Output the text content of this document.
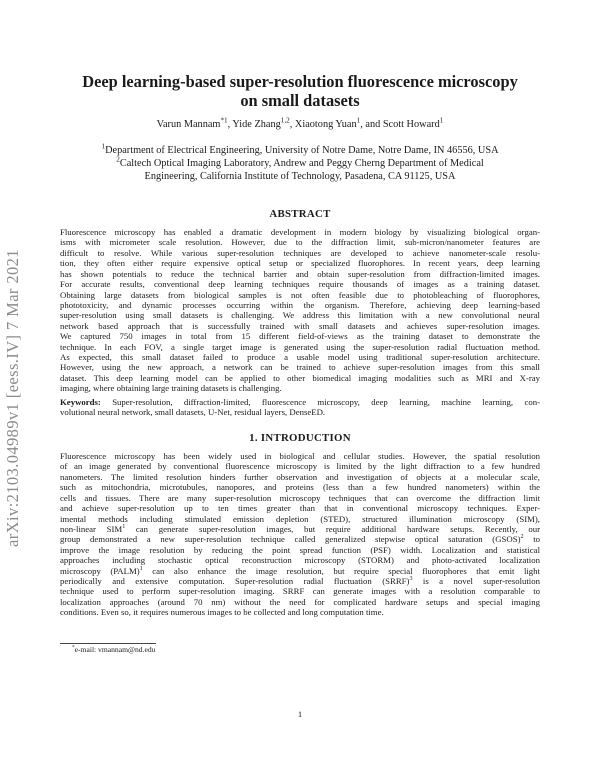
arXiv:2103.04989v1 [eess.IV] 7 Mar 2021
Deep learning-based super-resolution fluorescence microscopy
on small datasets
Varun Mannam$^{*1}$, Yide Zhang$^{1,2}$, Xiaotong Yuan$^1$, and Scott Howard$^1$
$^1$Department of Electrical Engineering, University of Notre Dame, Notre Dame, IN 46556, USA
$^2$Caltech Optical Imaging Laboratory, Andrew and Peggy Cherng Department of Medical
Engineering, California Institute of Technology, Pasadena, CA 91125, USA
ABSTRACT
Fluorescence microscopy has enabled a dramatic development in modern biology by visualizing biological organ-
isms with micrometer scale resolution. However, due to the diffraction limit, sub-micron/nanometer features are
difficult to resolve. While various super-resolution techniques are developed to achieve nanometer-scale resolu-
tion, they often either require expensive optical setup or specialized fluorophores. In recent years, deep learning
has shown potentials to reduce the technical barrier and obtain super-resolution from diffraction-limited images.
For accurate results, conventional deep learning techniques require thousands of images as a training dataset.
Obtaining large datasets from biological samples is not often feasible due to photobleaching of fluorophores,
phototoxicity, and dynamic processes occurring within the organism. Therefore, achieving deep learning-based
super-resolution using small datasets is challenging. We address this limitation with a new convolutional neural
network based approach that is successfully trained with small datasets and achieves super-resolution images.
We captured 750 images in total from 15 different field-of-views as the training dataset to demonstrate the
technique. In each FOV, a single target image is generated using the super-resolution radial fluctuation method.
As expected, this small dataset failed to produce a usable model using traditional super-resolution architecture.
However, using the new approach, a network can be trained to achieve super-resolution images from this small
dataset. This deep learning model can be applied to other biomedical imaging modalities such as MRI and X-ray
imaging, where obtaining large training datasets is challenging.
Keywords: Super-resolution, diffraction-limited, fluorescence microscopy, deep learning, machine learning, con-
volutional neural network, small datasets, U-Net, residual layers, DenseED.
1. INTRODUCTION
Fluorescence microscopy has been widely used in biological and cellular studies. However, the spatial resolution
of an image generated by conventional fluorescence microscopy is limited by the light diffraction to a few hundred
nanometers. The limited resolution hinders further observation and investigation of objects at a molecular scale,
such as mitochondria, microtubules, nanopores, and proteins (less than a few hundred nanometers) within the
cells and tissues. There are many super-resolution microscopy techniques that can overcome the diffraction limit
and achieve super-resolution up to ten times greater than that in conventional microscopy techniques. Exper-
imental methods including stimulated emission depletion (STED), structured illumination microscopy (SIM),
non-linear SIM$^1$ can generate super-resolution images, but require additional hardware setups. Recently, our
group demonstrated a new super-resolution technique called generalized stepwise optical saturation (GSOS)$^2$ to
improve the image resolution by reducing the point spread function (PSF) width. Localization and statistical
approaches including stochastic optical reconstruction microscopy (STORM) and photo-activated localization
microscopy (PALM)$^1$ can also enhance the image resolution, but require special fluorophores that emit light
periodically and extensive computation. Super-resolution radial fluctuation (SRRF)$^3$ is a novel super-resolution
technique used to perform super-resolution imaging. SRRF can generate images with a resolution comparable to
localization approaches (around 70 nm) without the need for complicated hardware setups and special imaging
conditions. Even so, it requires numerous images to be collected and long computation time.
*e-mail: vmannam@nd.edu
1
